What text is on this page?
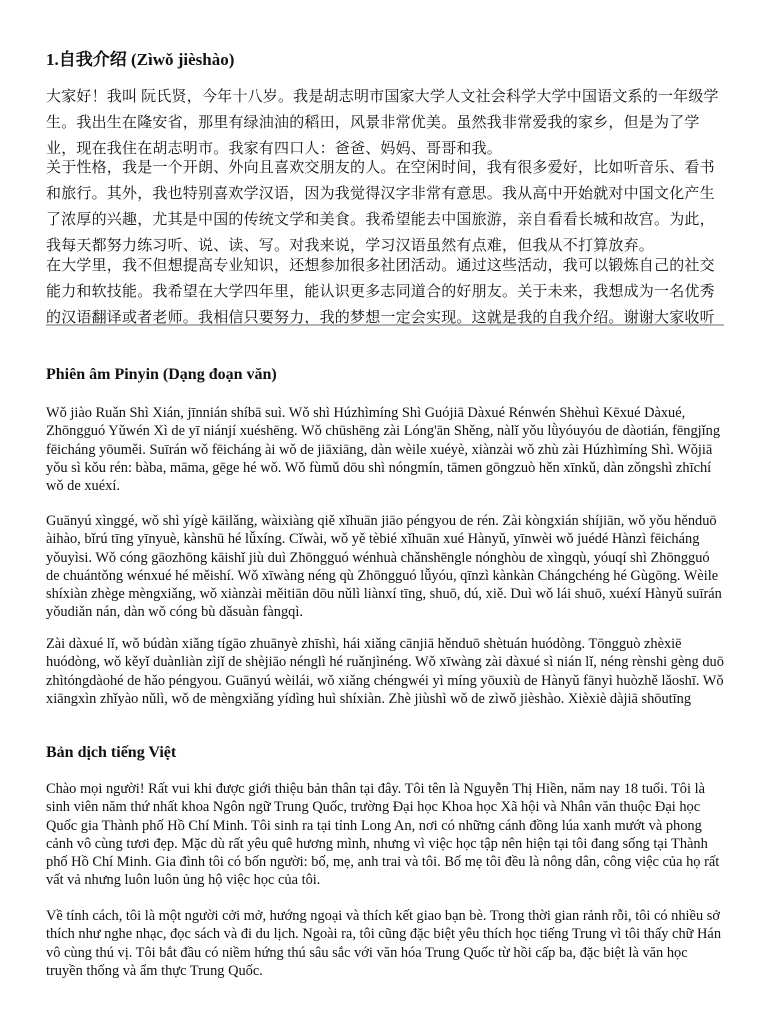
1.自我介绍 (Zìwǒ jièshào)

大家好！我叫 阮氏贤，今年十八岁。我是胡志明市国家大学人文社会科学大学中国语文系的一年级学生。我出生在隆安省，那里有绿油油的稻田，风景非常优美。虽然我非常爱我的家乡，但是为了学业，现在我住在胡志明市。我家有四口人：爸爸、妈妈、哥哥和我。

关于性格，我是一个开朗、外向且喜欢交朋友的人。在空闲时间，我有很多爱好，比如听音乐、看书和旅行。其外，我也特别喜欢学汉语，因为我觉得汉字非常有意思。我从高中开始就对中国文化产生了浓厚的兴趣，尤其是中国的传统文学和美食。我希望能去中国旅游，亲自看看长城和故宫。为此，我每天都努力练习听、说、读、写。对我来说，学习汉语虽然有点难，但我从不打算放弃。

在大学里，我不但想提高专业知识，还想参加很多社团活动。通过这些活动，我可以锻炼自己的社交能力和软技能。我希望在大学四年里，能认识更多志同道合的好朋友。关于未来，我想成为一名优秀的汉语翻译或者老师。我相信只要努力，我的梦想一定会实现。这就是我的自我介绍。谢谢大家收听

Phiên âm Pinyin (Dạng đoạn văn)

Wǒ jiào Ruǎn Shì Xián, jīnnián shíbā suì. Wǒ shì Húzhìmíng Shì Guójiā Dàxué Rénwén Shèhuì Kēxué Dàxué, Zhōngguó Yǔwén Xì de yī niánjí xuéshēng. Wǒ chūshēng zài Lóng'ān Shěng, nàlǐ yǒu lǜyóuyóu de dàotián, fēngjǐng fēicháng yōuměi. Suīrán wǒ fēicháng ài wǒ de jiāxiāng, dàn wèile xuéyè, xiànzài wǒ zhù zài Húzhìmíng Shì. Wǒjiā yǒu sì kǒu rén: bàba, māma, gēge hé wǒ. Wǒ fùmǔ dōu shì nóngmín, tāmen gōngzuò hěn xīnkǔ, dàn zǒngshì zhīchí wǒ de xuéxí.

Guānyú xìnggé, wǒ shì yígè kāilǎng, wàixiàng qiě xǐhuān jiāo péngyou de rén. Zài kòngxián shíjiān, wǒ yǒu hěnduō àihào, bǐrú tīng yīnyuè, kànshū hé lǚxíng. Cǐwài, wǒ yě tèbié xǐhuān xué Hànyǔ, yīnwèi wǒ juédé Hànzì fēicháng yǒuyìsi. Wǒ cóng gāozhōng kāishǐ jiù duì Zhōngguó wénhuà chǎnshēngle nónghòu de xìngqù, yóuqí shì Zhōngguó de chuántǒng wénxué hé měishí. Wǒ xīwàng néng qù Zhōngguó lǚyóu, qīnzì kànkàn Chángchéng hé Gùgōng. Wèile shíxiàn zhège mèngxiǎng, wǒ xiànzài měitiān dōu nǔlì liànxí tīng, shuō, dú, xiě. Duì wǒ lái shuō, xuéxí Hànyǔ suīrán yǒudiǎn nán, dàn wǒ cóng bù dǎsuàn fàngqì.

Zài dàxué lǐ, wǒ búdàn xiǎng tígāo zhuānyè zhīshì, hái xiǎng cānjiā hěnduō shètuán huódòng. Tōngguò zhèxiē huódòng, wǒ kěyǐ duànliàn zìjǐ de shèjiāo nénglì hé ruǎnjìnéng. Wǒ xīwàng zài dàxué sì nián lǐ, néng rènshi gèng duō zhìtóngdàohé de hǎo péngyou. Guānyú wèilái, wǒ xiǎng chéngwéi yì míng yōuxiù de Hànyǔ fānyì huòzhě lǎoshī. Wǒ xiāngxìn zhǐyào nǔlì, wǒ de mèngxiǎng yídìng huì shíxiàn. Zhè jiùshì wǒ de zìwǒ jièshào. Xièxiè dàjiā shōutīng

Bản dịch tiếng Việt

Chào mọi người! Rất vui khi được giới thiệu bản thân tại đây. Tôi tên là Nguyễn Thị Hiền, năm nay 18 tuổi. Tôi là sinh viên năm thứ nhất khoa Ngôn ngữ Trung Quốc, trường Đại học Khoa học Xã hội và Nhân văn thuộc Đại học Quốc gia Thành phố Hồ Chí Minh. Tôi sinh ra tại tỉnh Long An, nơi có những cánh đồng lúa xanh mướt và phong cảnh vô cùng tươi đẹp. Mặc dù rất yêu quê hương mình, nhưng vì việc học tập nên hiện tại tôi đang sống tại Thành phố Hồ Chí Minh. Gia đình tôi có bốn người: bố, mẹ, anh trai và tôi. Bố mẹ tôi đều là nông dân, công việc của họ rất vất vả nhưng luôn luôn ủng hộ việc học của tôi.

Về tính cách, tôi là một người cởi mở, hướng ngoại và thích kết giao bạn bè. Trong thời gian rảnh rỗi, tôi có nhiều sở thích như nghe nhạc, đọc sách và đi du lịch. Ngoài ra, tôi cũng đặc biệt yêu thích học tiếng Trung vì tôi thấy chữ Hán vô cùng thú vị. Tôi bắt đầu có niềm hứng thú sâu sắc với văn hóa Trung Quốc từ hồi cấp ba, đặc biệt là văn học truyền thống và ẩm thực Trung Quốc.
